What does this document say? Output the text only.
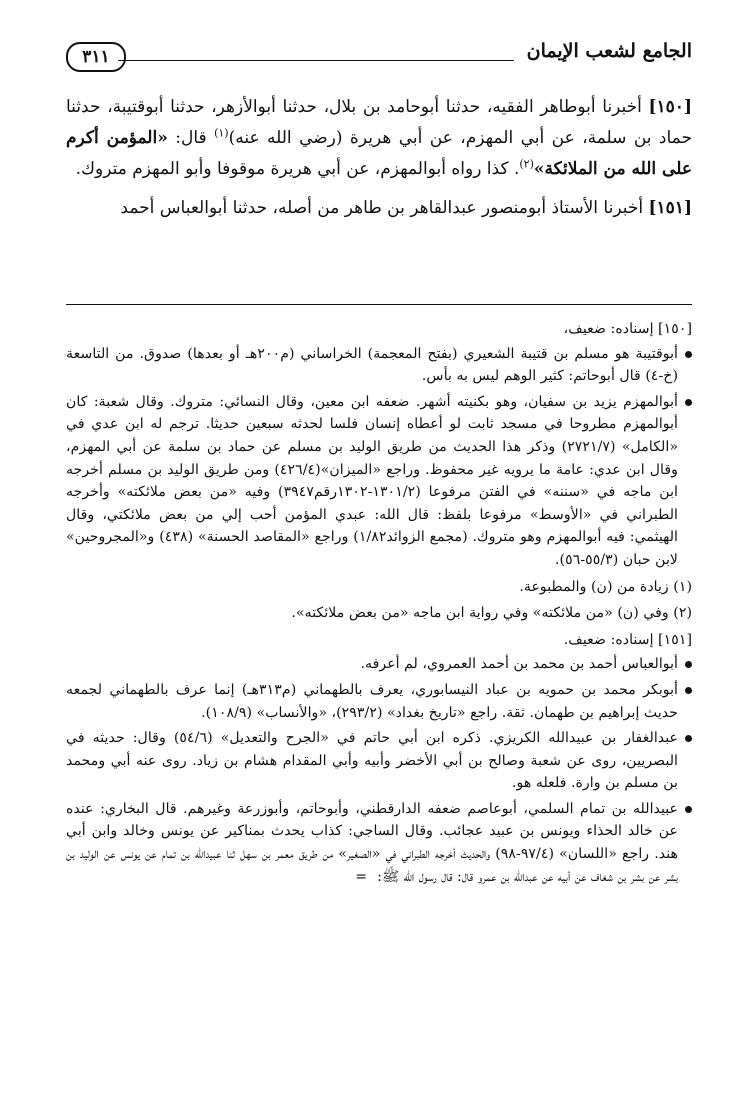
الجامع لشعب الإيمان
٣١١

[١٥٠] أخبرنا أبوطاهر الفقيه، حدثنا أبوحامد بن بلال، حدثنا أبوالأزهر، حدثنا أبوقتيبة، حدثنا حماد بن سلمة، عن أبي المهزم، عن أبي هريرة (رضي الله عنه)$^{(١)}$ قال: «المؤمن أكرم على الله من الملائكة»$^{(٢)}$. كذا رواه أبوالمهزم، عن أبي هريرة موقوفا وأبو المهزم متروك.

[١٥١] أخبرنا الأستاذ أبومنصور عبدالقاهر بن طاهر من أصله، حدثنا أبوالعباس أحمد

[١٥٠] إسناده: ضعيف،

أبوقتيبة هو مسلم بن قتيبة الشعيري (بفتح المعجمة) الخراساني (م٢٠٠هـ أو بعدها) صدوق. من التاسعة (خ-٤) قال أبوحاتم: كثير الوهم ليس به بأس.
أبوالمهزم يزيد بن سفيان، وهو بكنيته أشهر. ضعفه ابن معين، وقال النسائي: متروك. وقال شعبة: كان أبوالمهزم مطروحا في مسجد ثابت لو أعطاه إنسان فلسا لحدثه سبعين حديثا. ترجم له ابن عدي في «الكامل» (٢٧٢١/٧) وذكر هذا الحديث من طريق الوليد بن مسلم عن حماد بن سلمة عن أبي المهزم، وقال ابن عدي: عامة ما يرويه غير محفوظ. وراجع «الميزان»(٤٢٦/٤) ومن طريق الوليد بن مسلم أخرجه ابن ماجه في «سننه» في الفتن مرفوعا (١٣٠١/٢-١٣٠٢رقم٣٩٤٧) وفيه «من بعض ملائكته» وأخرجه الطبراني في «الأوسط» مرفوعا بلفظ: قال الله: عبدي المؤمن أحب إلي من بعض ملائكتي، وقال الهيثمي: فيه أبوالمهزم وهو متروك. (مجمع الزوائد١/٨٢) وراجع «المقاصد الحسنة» (٤٣٨) و«المجروحين» لابن حبان (٥٥/٣-٥٦).

(١) زيادة من (ن) والمطبوعة.

(٢) وفي (ن) «من ملائكته» وفي رواية ابن ماجه «من بعض ملائكته».

[١٥١] إسناده: ضعيف.

أبوالعباس أحمد بن محمد بن أحمد العمروي، لم أعرفه.
أبوبكر محمد بن حمويه بن عباد النيسابوري، يعرف بالطهماني (م٣١٣هـ) إنما عرف بالطهماني لجمعه حديث إبراهيم بن طهمان. ثقة. راجع «تاريخ بغداد» (٢٩٣/٢)، «والأنساب» (١٠٨/٩).
عبدالغفار بن عبيدالله الكريزي. ذكره ابن أبي حاتم في «الجرح والتعديل» (٥٤/٦) وقال: حديثه في البصريين، روى عن شعبة وصالح بن أبي الأخضر وأبيه وأبي المقدام هشام بن زياد. روى عنه أبي ومحمد بن مسلم بن وارة. فلعله هو.
عبيدالله بن تمام السلمي، أبوعاصم ضعفه الدارقطني، وأبوحاتم، وأبوزرعة وغيرهم. قال البخاري: عنده عن خالد الحذاء ويونس بن عبيد عجائب. وقال الساجي: كذاب يحدث بمناكير عن يونس وخالد وابن أبي هند. راجع «اللسان» (٩٧/٤-٩٨) والحديث أخرجه الطبراني في «الصغير» من طريق معمر بن سهل ثنا عبيدالله بن تمام عن يونس عن الوليد بن بشر عن بشر بن شغاف عن أبيه عن عبدالله بن عمرو قال: قال رسول الله ﷺ:=
